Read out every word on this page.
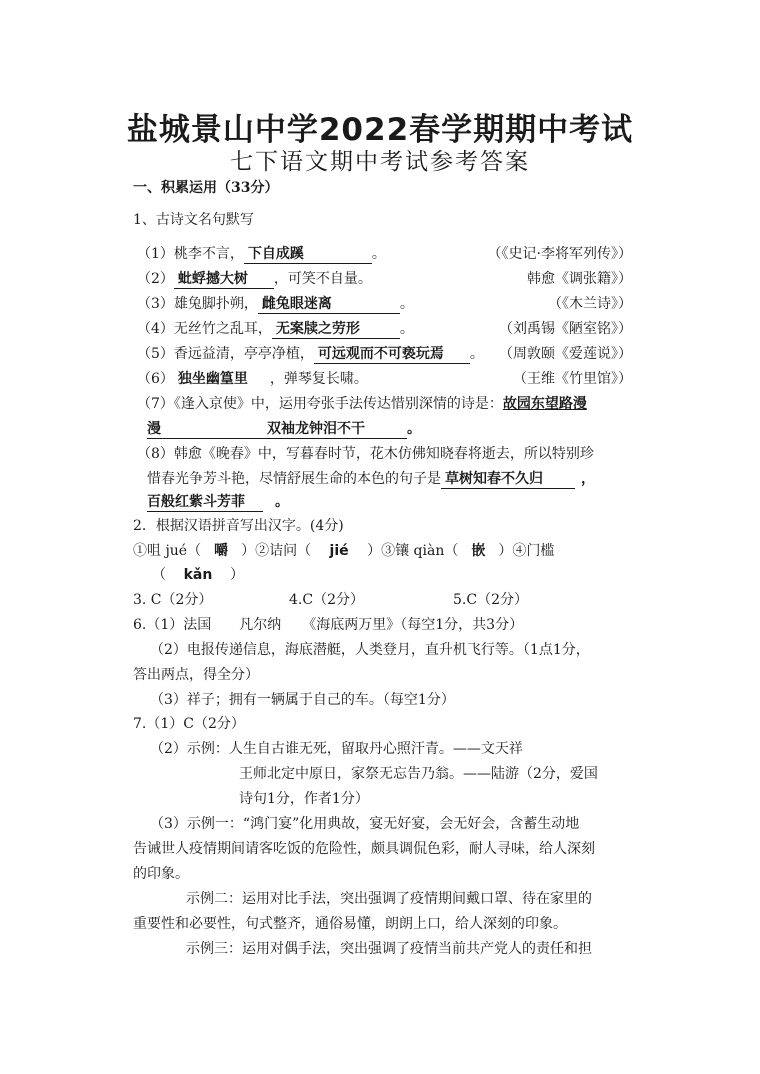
盐城景山中学2022春学期期中考试
七下语文期中考试参考答案
一、积累运用（33分）
1、古诗文名句默写
（1）桃李不言， 下自成蹊	。	（《史记·李将军列传》）
（2） 蚍蜉撼大树 ，可笑不自量。	韩愈《调张籍》）
（3）雄兔脚扑朔， 雌兔眼迷离	。	（《木兰诗》）
（4）无丝竹之乱耳， 无案牍之劳形	。	（刘禹锡《陋室铭》）
（5）香远益清，亭亭净植， 可远观而不可亵玩焉 。 （周敦颐《爱莲说》）
（6） 独坐幽篁里 ，弹琴复长啸。	（王维《竹里馆》）
（7）《逢入京使》中，运用夸张手法传达惜别深情的诗是：故园东望路漫
漫	双袖龙钟泪不干	。
（8）韩愈《晚春》中，写暮春时节，花木仿佛知晓春将逝去，所以特别珍
惜春光争芳斗艳，尽情舒展生命的本色的句子是 草树知春不久归	，
百般红紫斗芳菲 。
2．根据汉语拼音写出汉字。(4分)
①咀 jué（ 嚼 ）②诘问（ jié ）③镶 qiàn（ 嵌 ）④门槛
（ kǎn ）
3. C（2分）	4.C（2分）	5.C（2分）
6.（1）法国　　凡尔纳　　《海底两万里》（每空1分，共3分）
（2）电报传递信息，海底潜艇，人类登月，直升机飞行等。（1点1分，
答出两点，得全分）
（3）祥子；拥有一辆属于自己的车。（每空1分）
7.（1）C（2分）
（2）示例：人生自古谁无死，留取丹心照汗青。——文天祥
王师北定中原日，家祭无忘告乃翁。——陆游（2分，爱国
诗句1分，作者1分）
（3）示例一：“鸿门宴”化用典故，宴无好宴，会无好会，含蓄生动地
告诫世人疫情期间请客吃饭的危险性，颇具调侃色彩，耐人寻味，给人深刻
的印象。
示例二：运用对比手法，突出强调了疫情期间戴口罩、待在家里的
重要性和必要性，句式整齐，通俗易懂，朗朗上口，给人深刻的印象。
示例三：运用对偶手法，突出强调了疫情当前共产党人的责任和担
